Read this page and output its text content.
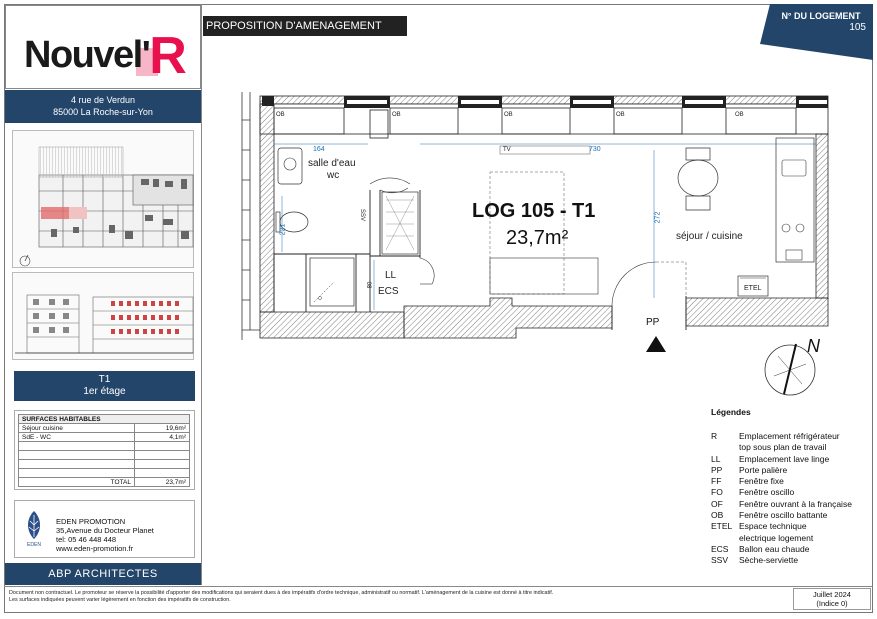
Nouvel'R
4 rue de Verdun
85000 La Roche-sur-Yon
T1
1er étage
SURFACES HABITABLES	
Séjour cuisine	19,6m²
SdE - WC	4,1m²

TOTAL	23,7m²
EDEN
EDEN PROMOTION
35,Avenue du Docteur Planet
tel: 05 46 448 448
www.eden-promotion.fr
ABP ARCHITECTES
PROPOSITION D'AMENAGEMENT
N° DU LOGEMENT
105
OB	OB	OB	OB	OB
164	730
272
221
80
TV
SSV
salle d'eau
wc
séjour / cuisine
LL
ECS	ETEL
LOG 105 - T1
23,7m²
PP
N
Légendes
R	Emplacement réfrigérateur
top sous plan de travail
LL	Emplacement lave linge
PP	Porte palière
FF	Fenêtre fixe
FO	Fenêtre oscillo
OF	Fenêtre ouvrant à la française
OB	Fenêtre oscillo battante
ETEL Espace technique
electrique logement
ECS	Ballon eau chaude
SSV	Sèche-serviette
Document non contractuel. Le promoteur se réserve la possibilité d'apporter des modifications qui seraient dues à des impératifs d'ordre technique, administratif ou normatif. L'aménagement de la cuisine est donné à titre indicatif.
Les surfaces indiquées peuvent varier légèrement en fonction des impératifs de construction.
Juillet 2024
(Indice 0)
